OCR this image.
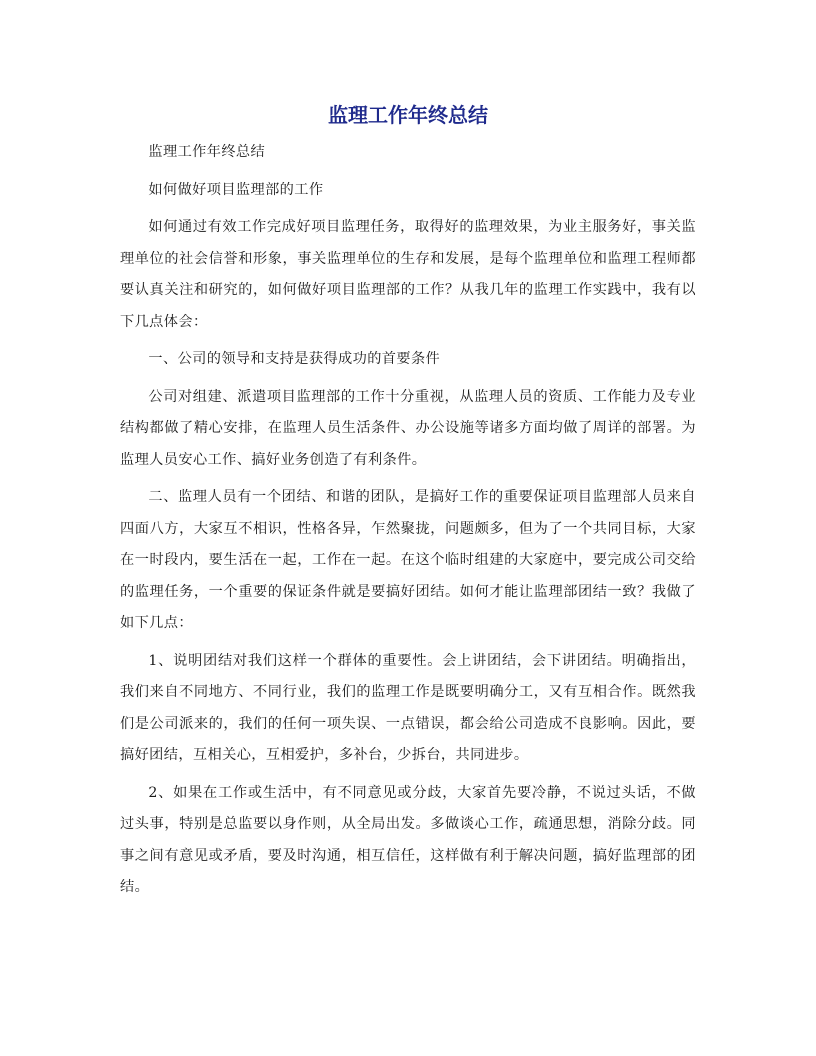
监理工作年终总结

监理工作年终总结

如何做好项目监理部的工作

如何通过有效工作完成好项目监理任务，取得好的监理效果，为业主服务好，事关监理单位的社会信誉和形象，事关监理单位的生存和发展，是每个监理单位和监理工程师都要认真关注和研究的，如何做好项目监理部的工作？从我几年的监理工作实践中，我有以下几点体会：

一、公司的领导和支持是获得成功的首要条件

公司对组建、派遣项目监理部的工作十分重视，从监理人员的资质、工作能力及专业结构都做了精心安排，在监理人员生活条件、办公设施等诸多方面均做了周详的部署。为监理人员安心工作、搞好业务创造了有利条件。

二、监理人员有一个团结、和谐的团队，是搞好工作的重要保证项目监理部人员来自四面八方，大家互不相识，性格各异，乍然聚拢，问题颇多，但为了一个共同目标，大家在一时段内，要生活在一起，工作在一起。在这个临时组建的大家庭中，要完成公司交给的监理任务，一个重要的保证条件就是要搞好团结。如何才能让监理部团结一致？我做了如下几点：

1、说明团结对我们这样一个群体的重要性。会上讲团结，会下讲团结。明确指出，我们来自不同地方、不同行业，我们的监理工作是既要明确分工，又有互相合作。既然我们是公司派来的，我们的任何一项失误、一点错误，都会给公司造成不良影响。因此，要搞好团结，互相关心，互相爱护，多补台，少拆台，共同进步。

2、如果在工作或生活中，有不同意见或分歧，大家首先要冷静，不说过头话，不做过头事，特别是总监要以身作则，从全局出发。多做谈心工作，疏通思想，消除分歧。同事之间有意见或矛盾，要及时沟通，相互信任，这样做有利于解决问题，搞好监理部的团结。
